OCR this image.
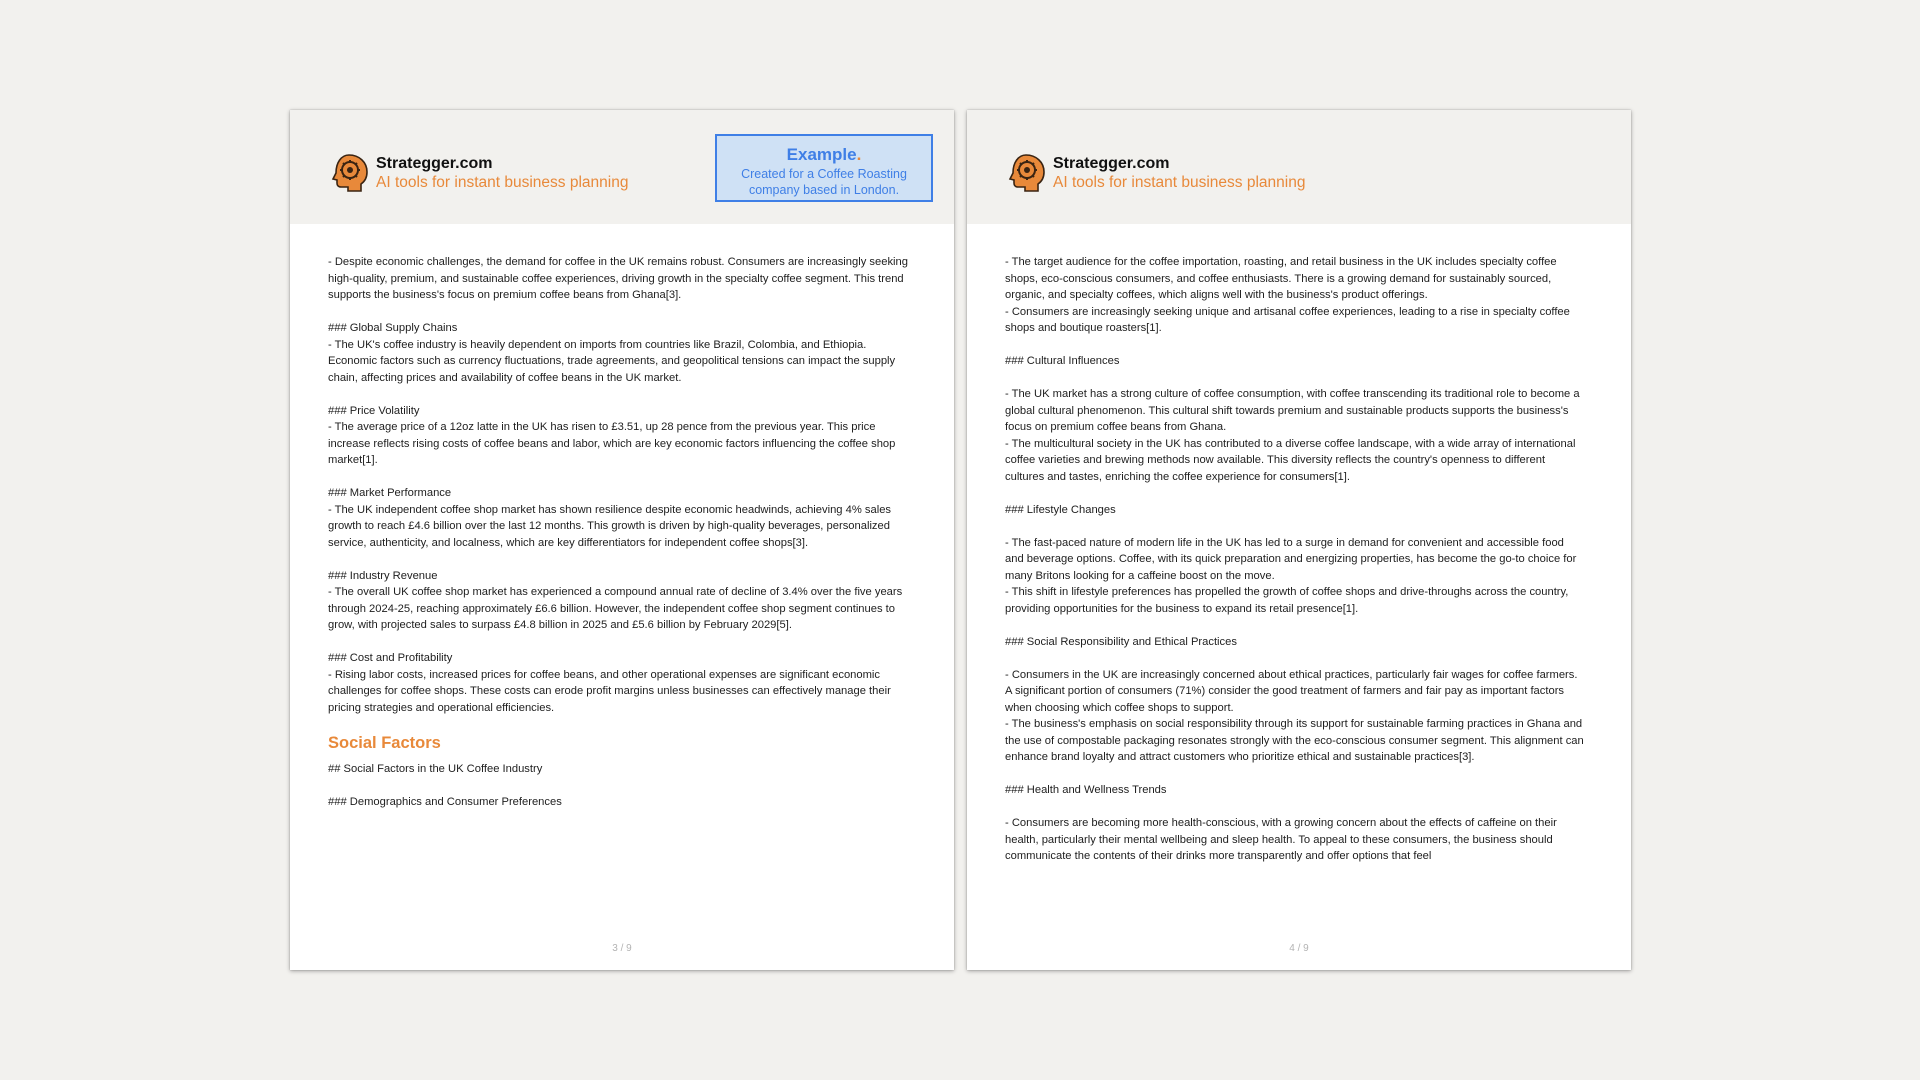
Strategger.com
AI tools for instant business planning
Example.
Created for a Coffee Roasting company based in London.
- Despite economic challenges, the demand for coffee in the UK remains robust. Consumers are increasingly seeking high-quality, premium, and sustainable coffee experiences, driving growth in the specialty coffee segment. This trend supports the business's focus on premium coffee beans from Ghana[3].
### Global Supply Chains
- The UK's coffee industry is heavily dependent on imports from countries like Brazil, Colombia, and Ethiopia. Economic factors such as currency fluctuations, trade agreements, and geopolitical tensions can impact the supply chain, affecting prices and availability of coffee beans in the UK market.
### Price Volatility
- The average price of a 12oz latte in the UK has risen to £3.51, up 28 pence from the previous year. This price increase reflects rising costs of coffee beans and labor, which are key economic factors influencing the coffee shop market[1].
### Market Performance
- The UK independent coffee shop market has shown resilience despite economic headwinds, achieving 4% sales growth to reach £4.6 billion over the last 12 months. This growth is driven by high-quality beverages, personalized service, authenticity, and localness, which are key differentiators for independent coffee shops[3].
### Industry Revenue
- The overall UK coffee shop market has experienced a compound annual rate of decline of 3.4% over the five years through 2024-25, reaching approximately £6.6 billion. However, the independent coffee shop segment continues to grow, with projected sales to surpass £4.8 billion in 2025 and £5.6 billion by February 2029[5].
### Cost and Profitability
- Rising labor costs, increased prices for coffee beans, and other operational expenses are significant economic challenges for coffee shops. These costs can erode profit margins unless businesses can effectively manage their pricing strategies and operational efficiencies.
Social Factors
## Social Factors in the UK Coffee Industry
### Demographics and Consumer Preferences
3 / 9
Strategger.com
AI tools for instant business planning
- The target audience for the coffee importation, roasting, and retail business in the UK includes specialty coffee shops, eco-conscious consumers, and coffee enthusiasts. There is a growing demand for sustainably sourced, organic, and specialty coffees, which aligns well with the business's product offerings.
- Consumers are increasingly seeking unique and artisanal coffee experiences, leading to a rise in specialty coffee shops and boutique roasters[1].
### Cultural Influences
- The UK market has a strong culture of coffee consumption, with coffee transcending its traditional role to become a global cultural phenomenon. This cultural shift towards premium and sustainable products supports the business's focus on premium coffee beans from Ghana.
- The multicultural society in the UK has contributed to a diverse coffee landscape, with a wide array of international coffee varieties and brewing methods now available. This diversity reflects the country's openness to different cultures and tastes, enriching the coffee experience for consumers[1].
### Lifestyle Changes
- The fast-paced nature of modern life in the UK has led to a surge in demand for convenient and accessible food and beverage options. Coffee, with its quick preparation and energizing properties, has become the go-to choice for many Britons looking for a caffeine boost on the move.
- This shift in lifestyle preferences has propelled the growth of coffee shops and drive-throughs across the country, providing opportunities for the business to expand its retail presence[1].
### Social Responsibility and Ethical Practices
- Consumers in the UK are increasingly concerned about ethical practices, particularly fair wages for coffee farmers. A significant portion of consumers (71%) consider the good treatment of farmers and fair pay as important factors when choosing which coffee shops to support.
- The business's emphasis on social responsibility through its support for sustainable farming practices in Ghana and the use of compostable packaging resonates strongly with the eco-conscious consumer segment. This alignment can enhance brand loyalty and attract customers who prioritize ethical and sustainable practices[3].
### Health and Wellness Trends
- Consumers are becoming more health-conscious, with a growing concern about the effects of caffeine on their health, particularly their mental wellbeing and sleep health. To appeal to these consumers, the business should communicate the contents of their drinks more transparently and offer options that feel
4 / 9
